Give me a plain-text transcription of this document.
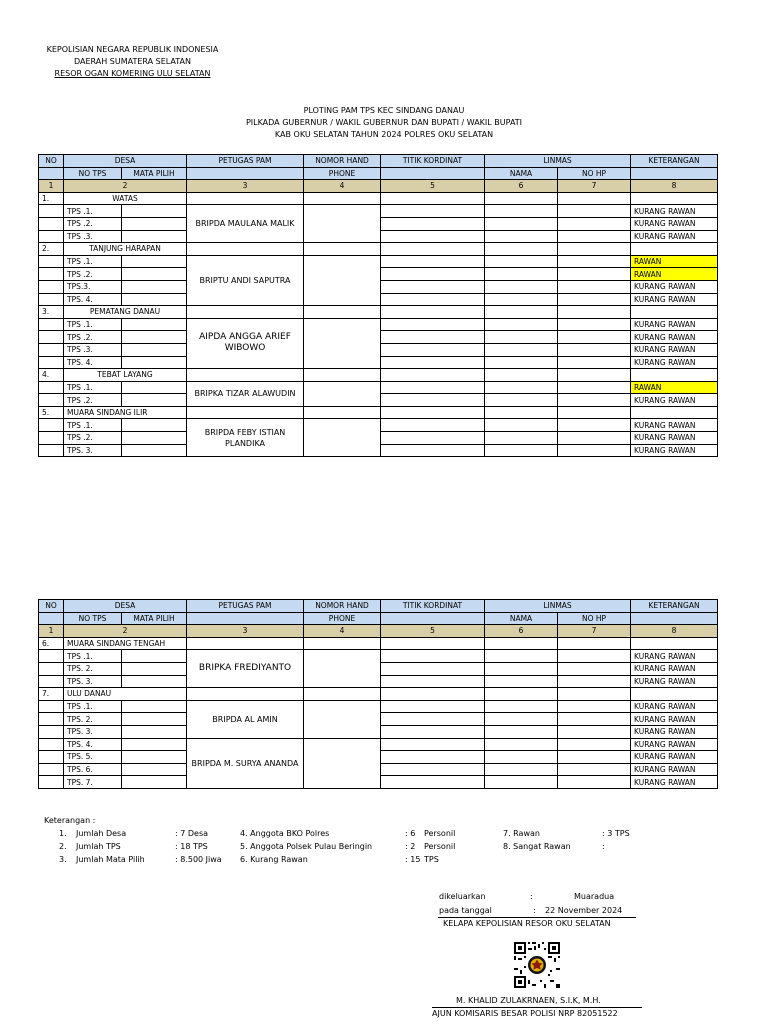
KEPOLISIAN NEGARA REPUBLIK INDONESIA
DAERAH SUMATERA SELATAN
RESOR OGAN KOMERING ULU SELATAN
PLOTING PAM TPS KEC SINDANG DANAU
PILKADA GUBERNUR / WAKIL GUBERNUR DAN BUPATI / WAKIL BUPATI
KAB OKU SELATAN TAHUN 2024 POLRES OKU SELATAN
NO	DESA		PETUGAS PAM	NOMOR HAND	TITIK KORDINAT	LINMAS		KETERANGAN
	NO TPS	MATA PILIH		PHONE		NAMA	NO HP	
1	2		3	4	5	6	7	8
1.	WATAS							
	TPS .1.		BRIPDA MAULANA MALIK					KURANG RAWAN
	TPS .2.							KURANG RAWAN
	TPS .3.							KURANG RAWAN
2.	TANJUNG HARAPAN							
	TPS .1.		BRIPTU ANDI SAPUTRA					RAWAN
	TPS .2.							RAWAN
	TPS.3.							KURANG RAWAN
	TPS. 4.							KURANG RAWAN
3.	PEMATANG DANAU							
	TPS .1.		AIPDA ANGGA ARIEF WIBOWO					KURANG RAWAN
	TPS .2.							KURANG RAWAN
	TPS .3.							KURANG RAWAN
	TPS. 4.							KURANG RAWAN
4.	TEBAT LAYANG							
	TPS .1.		BRIPKA TIZAR ALAWUDIN					RAWAN
	TPS .2.							KURANG RAWAN
5.	MUARA SINDANG ILIR							
	TPS .1.		BRIPDA FEBY ISTIAN PLANDIKA					KURANG RAWAN
	TPS .2.							KURANG RAWAN
	TPS. 3.							KURANG RAWAN
NO	DESA		PETUGAS PAM	NOMOR HAND	TITIK KORDINAT	LINMAS		KETERANGAN
	NO TPS	MATA PILIH		PHONE		NAMA	NO HP	
1	2		3	4	5	6	7	8
6.	MUARA SINDANG TENGAH							
	TPS .1.		BRIPKA FREDIYANTO					KURANG RAWAN
	TPS. 2.							KURANG RAWAN
	TPS. 3.							KURANG RAWAN
7.	ULU DANAU							
	TPS .1.		BRIPDA AL AMIN					KURANG RAWAN
	TPS. 2.							KURANG RAWAN
	TPS. 3.							KURANG RAWAN
	TPS. 4.		BRIPDA M. SURYA ANANDA					KURANG RAWAN
	TPS. 5.							KURANG RAWAN
	TPS. 6.							KURANG RAWAN
	TPS. 7.							KURANG RAWAN
Keterangan :
1. Jumlah Desa	: 7 Desa
2. Jumlah TPS	: 18 TPS
3. Jumlah Mata Pilih	: 8.500 Jiwa
4. Anggota BKO Polres	: 6 Personil
5. Anggota Polsek Pulau Beringin	: 2 Personil
6. Kurang Rawan	: 15 TPS
7. Rawan	: 3 TPS
8. Sangat Rawan	:
dikeluarkan	:	Muaradua
pada tanggal	: 22 November 2024
KELAPA KEPOLISIAN RESOR OKU SELATAN
M. KHALID ZULAKRNAEN, S.I.K, M.H.
AJUN KOMISARIS BESAR POLISI NRP 82051522
